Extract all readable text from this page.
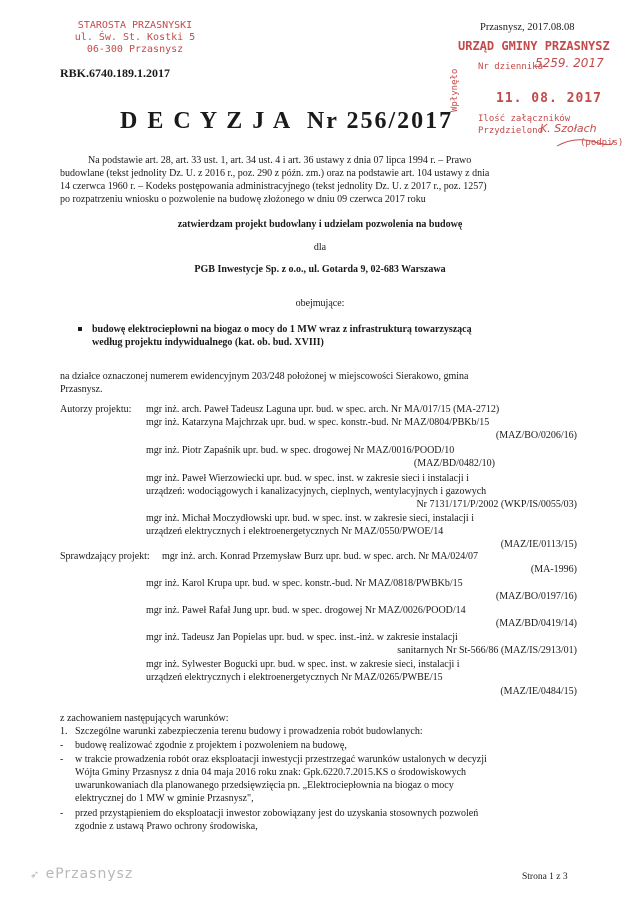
STAROSTA PRZASNYSKI
ul. Św. St. Kostki 5
06-300 Przasnysz
RBK.6740.189.1.2017
Przasnysz, 2017.08.08
URZĄD GMINY PRZASNYSZ
Nr dziennika
5259. 2017
Wpłynęło	11. 08. 2017
Ilość załączników
Przydzielono
K. Szołach
(podpis)
D E C Y Z J A  Nr 256/2017
Na podstawie art. 28, art. 33 ust. 1, art. 34 ust. 4 i art. 36 ustawy z dnia 07 lipca 1994 r. – Prawo
budowlane (tekst jednolity Dz. U. z 2016 r., poz. 290 z późn. zm.) oraz na podstawie art. 104 ustawy z dnia
14 czerwca 1960 r. – Kodeks postępowania administracyjnego (tekst jednolity Dz. U. z 2017 r., poz. 1257)
po rozpatrzeniu wniosku o pozwolenie na budowę złożonego w dniu 09 czerwca 2017 roku
zatwierdzam projekt budowlany i udzielam pozwolenia na budowę
dla
PGB Inwestycje Sp. z o.o., ul. Gotarda 9, 02-683 Warszawa
obejmujące:
budowę elektrociepłowni na biogaz o mocy do 1 MW wraz z infrastrukturą towarzyszącą
według projektu indywidualnego (kat. ob. bud. XVIII)
na działce oznaczonej numerem ewidencyjnym 203/248 położonej w miejscowości Sierakowo, gmina
Przasnysz.
Autorzy projektu: mgr inż. arch. Paweł Tadeusz Laguna upr. bud. w spec. arch. Nr MA/017/15 (MA-2712)
mgr inż. Katarzyna Majchrzak upr. bud. w spec. konstr.-bud. Nr MAZ/0804/PBKb/15
(MAZ/BO/0206/16)
mgr inż. Piotr Zapaśnik upr. bud. w spec. drogowej Nr MAZ/0016/POOD/10
(MAZ/BD/0482/10)
mgr inż. Paweł Wierzowiecki upr. bud. w spec. inst. w zakresie sieci i instalacji i
urządzeń: wodociągowych i kanalizacyjnych, cieplnych, wentylacyjnych i gazowych
Nr 7131/171/P/2002 (WKP/IS/0055/03)
mgr inż. Michał Moczydłowski upr. bud. w spec. inst. w zakresie sieci, instalacji i
urządzeń elektrycznych i elektroenergetycznych Nr MAZ/0550/PWOE/14
(MAZ/IE/0113/15)
Sprawdzający projekt: mgr inż. arch. Konrad Przemysław Burz upr. bud. w spec. arch. Nr MA/024/07
(MA-1996)
mgr inż. Karol Krupa upr. bud. w spec. konstr.-bud. Nr MAZ/0818/PWBKb/15
(MAZ/BO/0197/16)
mgr inż. Paweł Rafał Jung upr. bud. w spec. drogowej Nr MAZ/0026/POOD/14
(MAZ/BD/0419/14)
mgr inż. Tadeusz Jan Popielas upr. bud. w spec. inst.-inż. w zakresie instalacji
sanitarnych Nr St-566/86 (MAZ/IS/2913/01)
mgr inż. Sylwester Bogucki upr. bud. w spec. inst. w zakresie sieci, instalacji i
urządzeń elektrycznych i elektroenergetycznych Nr MAZ/0265/PWBE/15
(MAZ/IE/0484/15)
z zachowaniem następujących warunków:
1.   Szczególne warunki zabezpieczenia terenu budowy i prowadzenia robót budowlanych:
- budowę realizować zgodnie z projektem i pozwoleniem na budowę,
- w trakcie prowadzenia robót oraz eksploatacji inwestycji przestrzegać warunków ustalonych w decyzji
Wójta Gminy Przasnysz z dnia 04 maja 2016 roku znak: Gpk.6220.7.2015.KS o środowiskowych
uwarunkowaniach dla planowanego przedsięwzięcia pn. „Elektrociepłownia na biogaz o mocy
elektrycznej do 1 MW w gminie Przasnysz",
- przed przystąpieniem do eksploatacji inwestor zobowiązany jest do uzyskania stosownych pozwoleń
zgodnie z ustawą Prawo ochrony środowiska,
➶ ePrzasnysz	Strona 1 z 3
